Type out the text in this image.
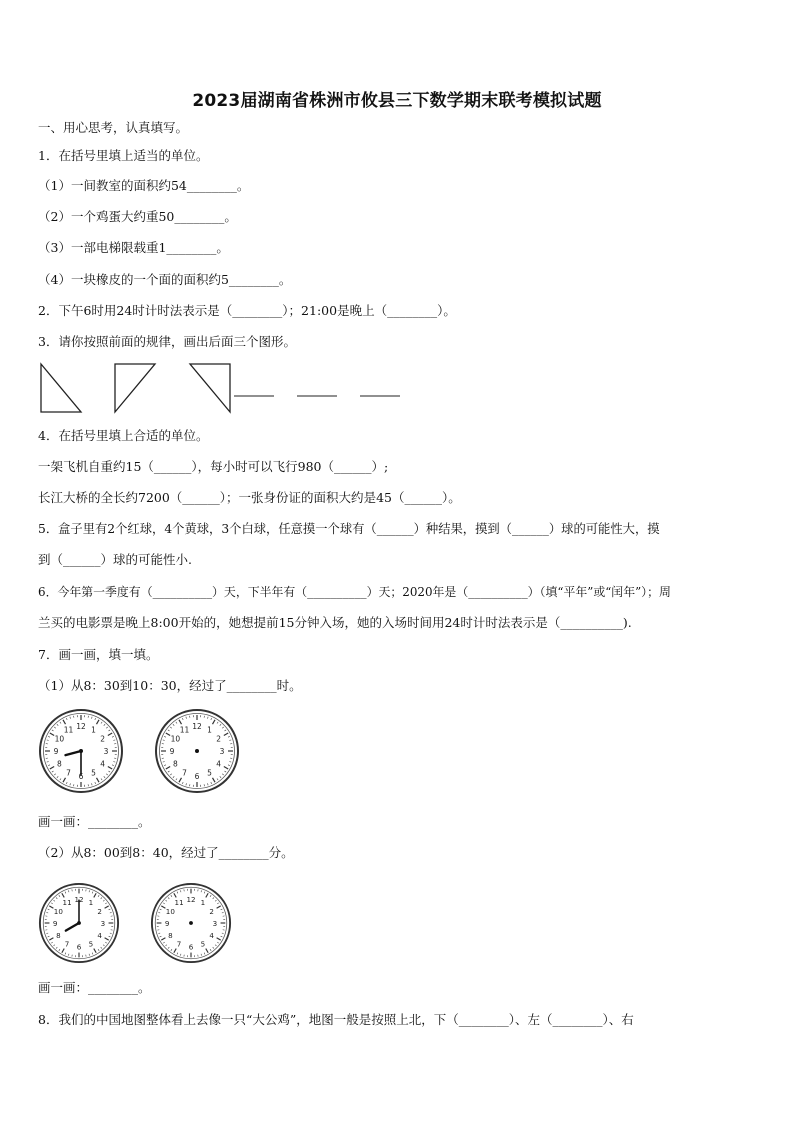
2023届湖南省株洲市攸县三下数学期末联考模拟试题
一、用心思考，认真填写。
1．在括号里填上适当的单位。
（1）一间教室的面积约54________。
（2）一个鸡蛋大约重50________。
（3）一部电梯限载重1________。
（4）一块橡皮的一个面的面积约5________。
2．下午6时用24时计时法表示是（________）；21:00是晚上（________）。
3．请你按照前面的规律，画出后面三个图形。
4．在括号里填上合适的单位。
一架飞机自重约15（______），每小时可以飞行980（______）;
长江大桥的全长约7200（______）；一张身份证的面积大约是45（______）。
5．盒子里有2个红球，4个黄球，3个白球，任意摸一个球有（______）种结果，摸到（______）球的可能性大，摸
到（______）球的可能性小.
6．今年第一季度有（__________）天，下半年有（__________）天；2020年是（__________）（填“平年”或“闰年”）；周
兰买的电影票是晚上8:00开始的，她想提前15分钟入场，她的入场时间用24时计时法表示是（__________).
7．画一画，填一填。
（1）从8：30到10：30，经过了________时。
1
2
3
4
5
6
7
8
9
10
11 12	1
2
3
4
5
6
7
8
9
10
11 12
画一画：________。
（2）从8：00到8：40，经过了________分。
1
2
3
4
5
6
7
8
9
10
11 12	1
2
3
4
5
6
7
8
9
10
11 12
画一画：________。
8．我们的中国地图整体看上去像一只“大公鸡”，地图一般是按照上北，下（________）、左（________）、右
